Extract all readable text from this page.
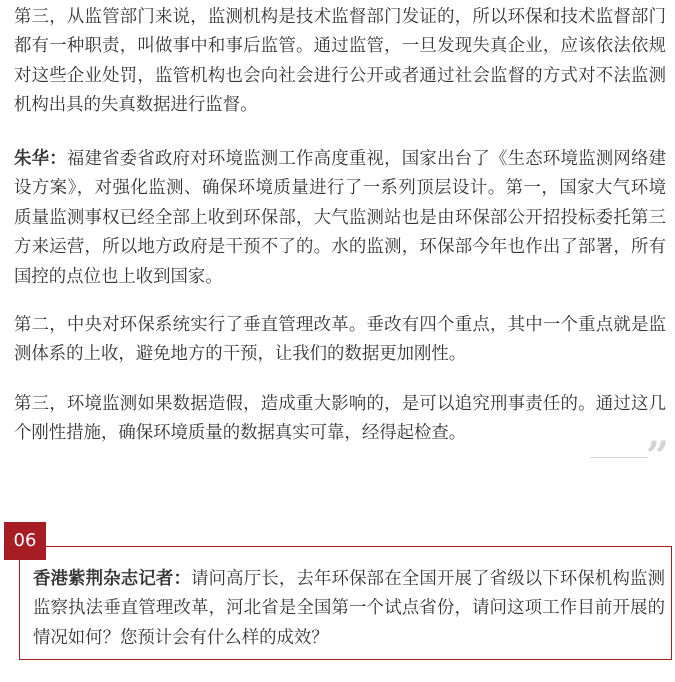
第三，从监管部门来说，监测机构是技术监督部门发证的，所以环保和技术监督部门都有一种职责，叫做事中和事后监管。通过监管，一旦发现失真企业，应该依法依规对这些企业处罚，监管机构也会向社会进行公开或者通过社会监督的方式对不法监测机构出具的失真数据进行监督。

朱华：福建省委省政府对环境监测工作高度重视，国家出台了《生态环境监测网络建设方案》，对强化监测、确保环境质量进行了一系列顶层设计。第一，国家大气环境质量监测事权已经全部上收到环保部，大气监测站也是由环保部公开招投标委托第三方来运营，所以地方政府是干预不了的。水的监测，环保部今年也作出了部署，所有国控的点位也上收到国家。

第二，中央对环保系统实行了垂直管理改革。垂改有四个重点，其中一个重点就是监测体系的上收，避免地方的干预，让我们的数据更加刚性。

第三，环境监测如果数据造假，造成重大影响的，是可以追究刑事责任的。通过这几个刚性措施，确保环境质量的数据真实可靠，经得起检查。	”
06

香港紫荆杂志记者：请问高厅长，去年环保部在全国开展了省级以下环保机构监测监察执法垂直管理改革，河北省是全国第一个试点省份，请问这项工作目前开展的情况如何？您预计会有什么样的成效？
